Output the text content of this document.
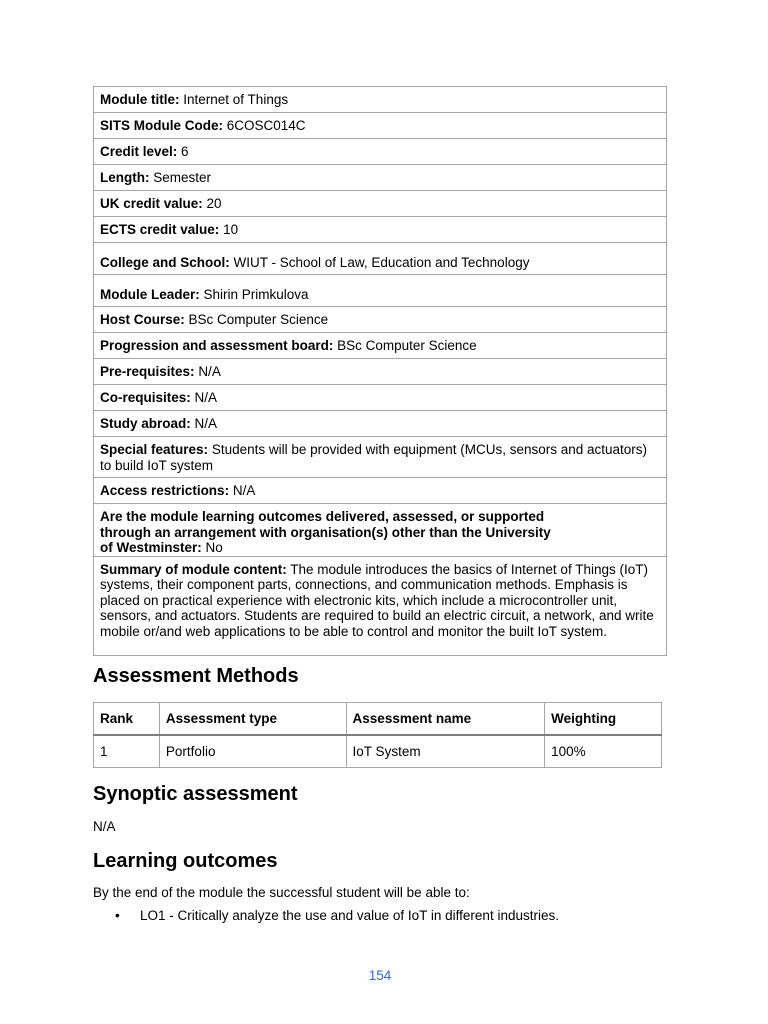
Module title: Internet of Things
SITS Module Code: 6COSC014C
Credit level: 6
Length: Semester
UK credit value: 20
ECTS credit value: 10
College and School: WIUT - School of Law, Education and Technology
Module Leader: Shirin Primkulova
Host Course: BSc Computer Science
Progression and assessment board: BSc Computer Science
Pre-requisites: N/A
Co-requisites: N/A
Study abroad: N/A
Special features: Students will be provided with equipment (MCUs, sensors and actuators) to build IoT system
Access restrictions: N/A
Are the module learning outcomes delivered, assessed, or supported
through an arrangement with organisation(s) other than the University
of Westminster: No
Summary of module content: The module introduces the basics of Internet of Things (IoT) systems, their component parts, connections, and communication methods. Emphasis is placed on practical experience with electronic kits, which include a microcontroller unit, sensors, and actuators. Students are required to build an electric circuit, a network, and write mobile or/and web applications to be able to control and monitor the built IoT system.
Assessment Methods
Rank	Assessment type	Assessment name	Weighting
1	Portfolio	IoT System	100%
Synoptic assessment

N/A

Learning outcomes

By the end of the module the successful student will be able to:

• LO1 - Critically analyze the use and value of IoT in different industries.
154
